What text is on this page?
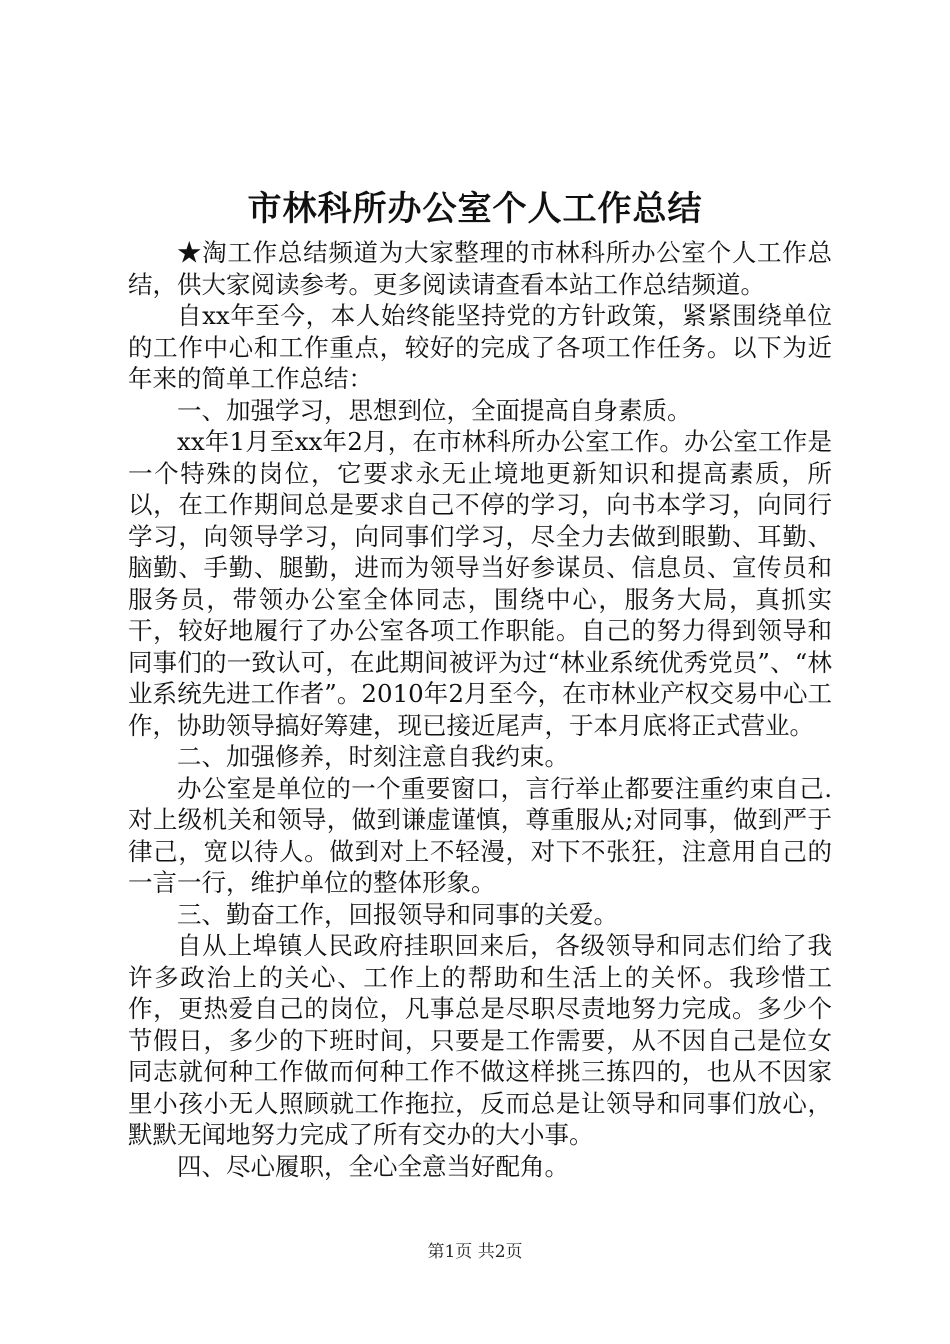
市林科所办公室个人工作总结

★淘工作总结频道为大家整理的市林科所办公室个人工作总结，供大家阅读参考。更多阅读请查看本站工作总结频道。

自xx年至今，本人始终能坚持党的方针政策，紧紧围绕单位的工作中心和工作重点，较好的完成了各项工作任务。以下为近年来的简单工作总结：

一、加强学习，思想到位，全面提高自身素质。

xx年1月至xx年2月，在市林科所办公室工作。办公室工作是一个特殊的岗位，它要求永无止境地更新知识和提高素质，所以，在工作期间总是要求自己不停的学习，向书本学习，向同行学习，向领导学习，向同事们学习，尽全力去做到眼勤、耳勤、脑勤、手勤、腿勤，进而为领导当好参谋员、信息员、宣传员和服务员，带领办公室全体同志，围绕中心，服务大局，真抓实干，较好地履行了办公室各项工作职能。自己的努力得到领导和同事们的一致认可，在此期间被评为过“林业系统优秀党员”、“林业系统先进工作者”。2010年2月至今，在市林业产权交易中心工作，协助领导搞好筹建，现已接近尾声，于本月底将正式营业。

二、加强修养，时刻注意自我约束。

办公室是单位的一个重要窗口，言行举止都要注重约束自己.对上级机关和领导，做到谦虚谨慎，尊重服从;对同事，做到严于律己，宽以待人。做到对上不轻漫，对下不张狂，注意用自己的一言一行，维护单位的整体形象。

三、勤奋工作，回报领导和同事的关爱。

自从上埠镇人民政府挂职回来后，各级领导和同志们给了我许多政治上的关心、工作上的帮助和生活上的关怀。我珍惜工作，更热爱自己的岗位，凡事总是尽职尽责地努力完成。多少个节假日，多少的下班时间，只要是工作需要，从不因自己是位女同志就何种工作做而何种工作不做这样挑三拣四的，也从不因家里小孩小无人照顾就工作拖拉，反而总是让领导和同事们放心，默默无闻地努力完成了所有交办的大小事。

四、尽心履职，全心全意当好配角。

第1页 共2页
